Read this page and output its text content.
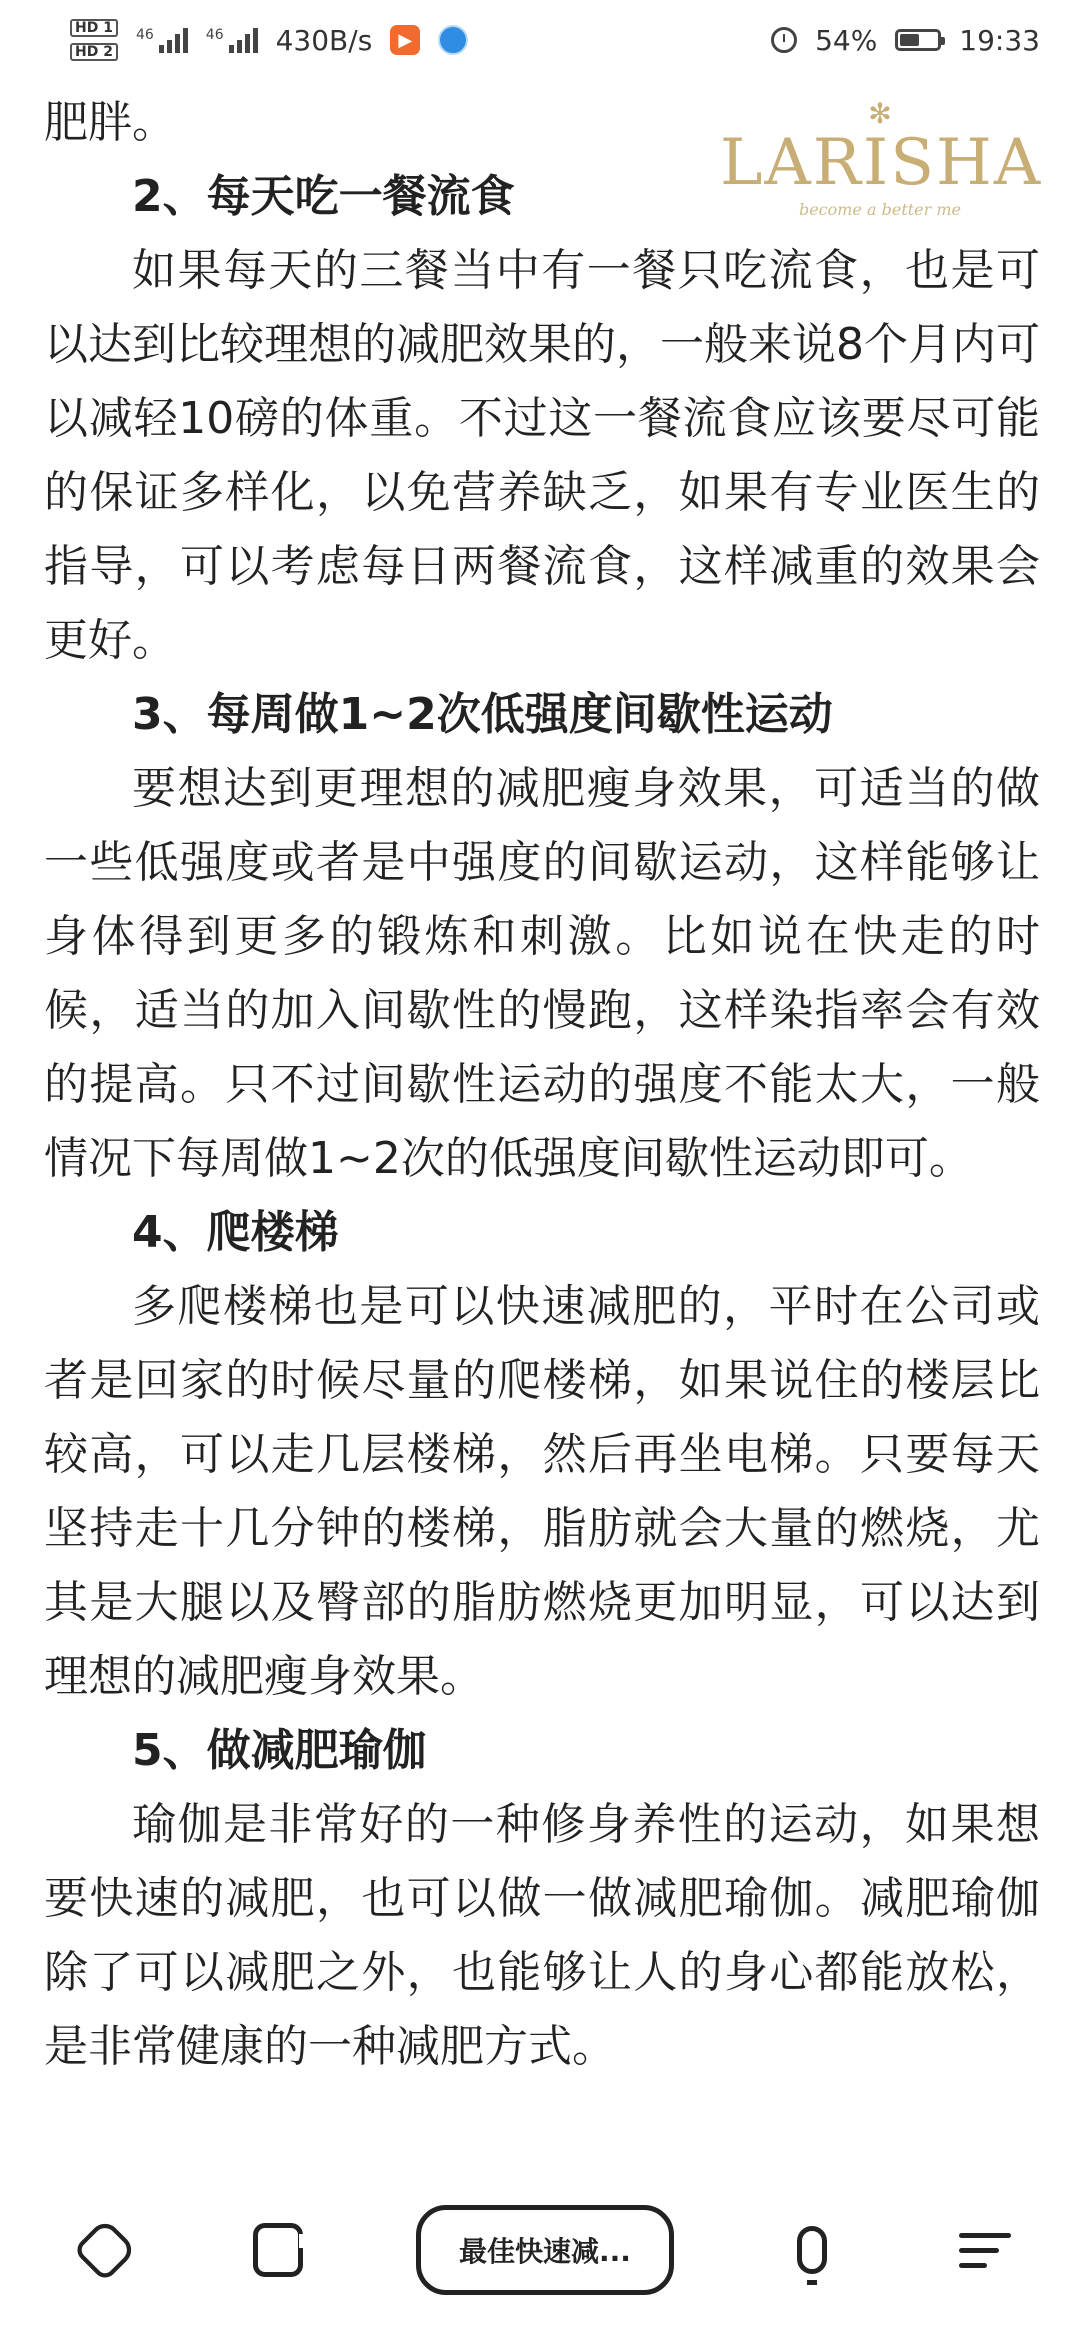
HD 1
HD 2
46	46 430B/s	▶	54%	19:33

肥胖。

2、每天吃一餐流食

如果每天的三餐当中有一餐只吃流食，也是可以达到比较理想的减肥效果的，一般来说8个月内可以减轻10磅的体重。不过这一餐流食应该要尽可能的保证多样化，以免营养缺乏，如果有专业医生的指导，可以考虑每日两餐流食，这样减重的效果会更好。

3、每周做1~2次低强度间歇性运动

要想达到更理想的减肥瘦身效果，可适当的做一些低强度或者是中强度的间歇运动，这样能够让身体得到更多的锻炼和刺激。比如说在快走的时候，适当的加入间歇性的慢跑，这样染指率会有效的提高。只不过间歇性运动的强度不能太大，一般情况下每周做1~2次的低强度间歇性运动即可。

4、爬楼梯

多爬楼梯也是可以快速减肥的，平时在公司或者是回家的时候尽量的爬楼梯，如果说住的楼层比较高，可以走几层楼梯，然后再坐电梯。只要每天坚持走十几分钟的楼梯，脂肪就会大量的燃烧，尤其是大腿以及臀部的脂肪燃烧更加明显，可以达到理想的减肥瘦身效果。

5、做减肥瑜伽

瑜伽是非常好的一种修身养性的运动，如果想要快速的减肥，也可以做一做减肥瑜伽。减肥瑜伽除了可以减肥之外，也能够让人的身心都能放松，是非常健康的一种减肥方式。

✻
LARISHA
become a better me
最佳快速减...
